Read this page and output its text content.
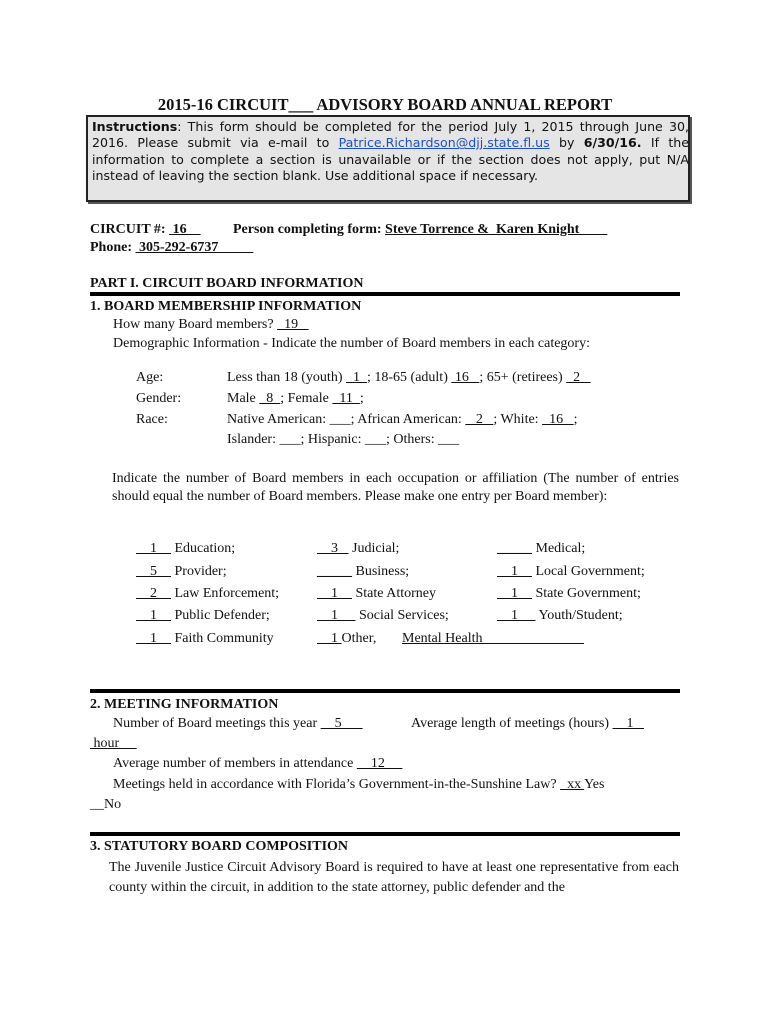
2015-16 CIRCUIT___ ADVISORY BOARD ANNUAL REPORT

Instructions: This form should be completed for the period July 1, 2015 through June 30, 2016. Please submit via e-mail to Patrice.Richardson@djj.state.fl.us by 6/30/16. If the information to complete a section is unavailable or if the section does not apply, put N/A instead of leaving the section blank. Use additional space if necessary.

CIRCUIT #:  16 Person completing form: Steve Torrence &  Karen Knight
Phone:  305-292-6737
PART I. CIRCUIT BOARD INFORMATION
1. BOARD MEMBERSHIP INFORMATION
How many Board members?   19
Demographic Information - Indicate the number of Board members in each category:
Age:	Less than 18 (youth)   1  ; 18-65 (adult)  16   ; 65+ (retirees)   2
Gender:	Male   8  ; Female   11  ;
Race:	Native American: ___; African American:    2   ; White:   16   ;
Islander: ___; Hispanic: ___; Others: ___
Indicate the number of Board members in each occupation or affiliation (The number of entries should equal the number of Board members. Please make one entry per Board member):
1     Education;	3    Judicial;	_____ Medical;
5     Provider;	_____ Business;	1     Local Government;
2     Law Enforcement;	1     State Attorney	1     State Government;
1     Public Defender;	1      Social Services;	1      Youth/Student;
1     Faith Community	1 Other, Mental Health
2. MEETING INFORMATION
Number of Board meetings this year     5	Average length of meetings (hours)     1
hour
Average number of members in attendance     12
Meetings held in accordance with Florida’s Government-in-the-Sunshine Law?   xx Yes
__No
3. STATUTORY BOARD COMPOSITION
The Juvenile Justice Circuit Advisory Board is required to have at least one representative from each county within the circuit, in addition to the state attorney, public defender and the
